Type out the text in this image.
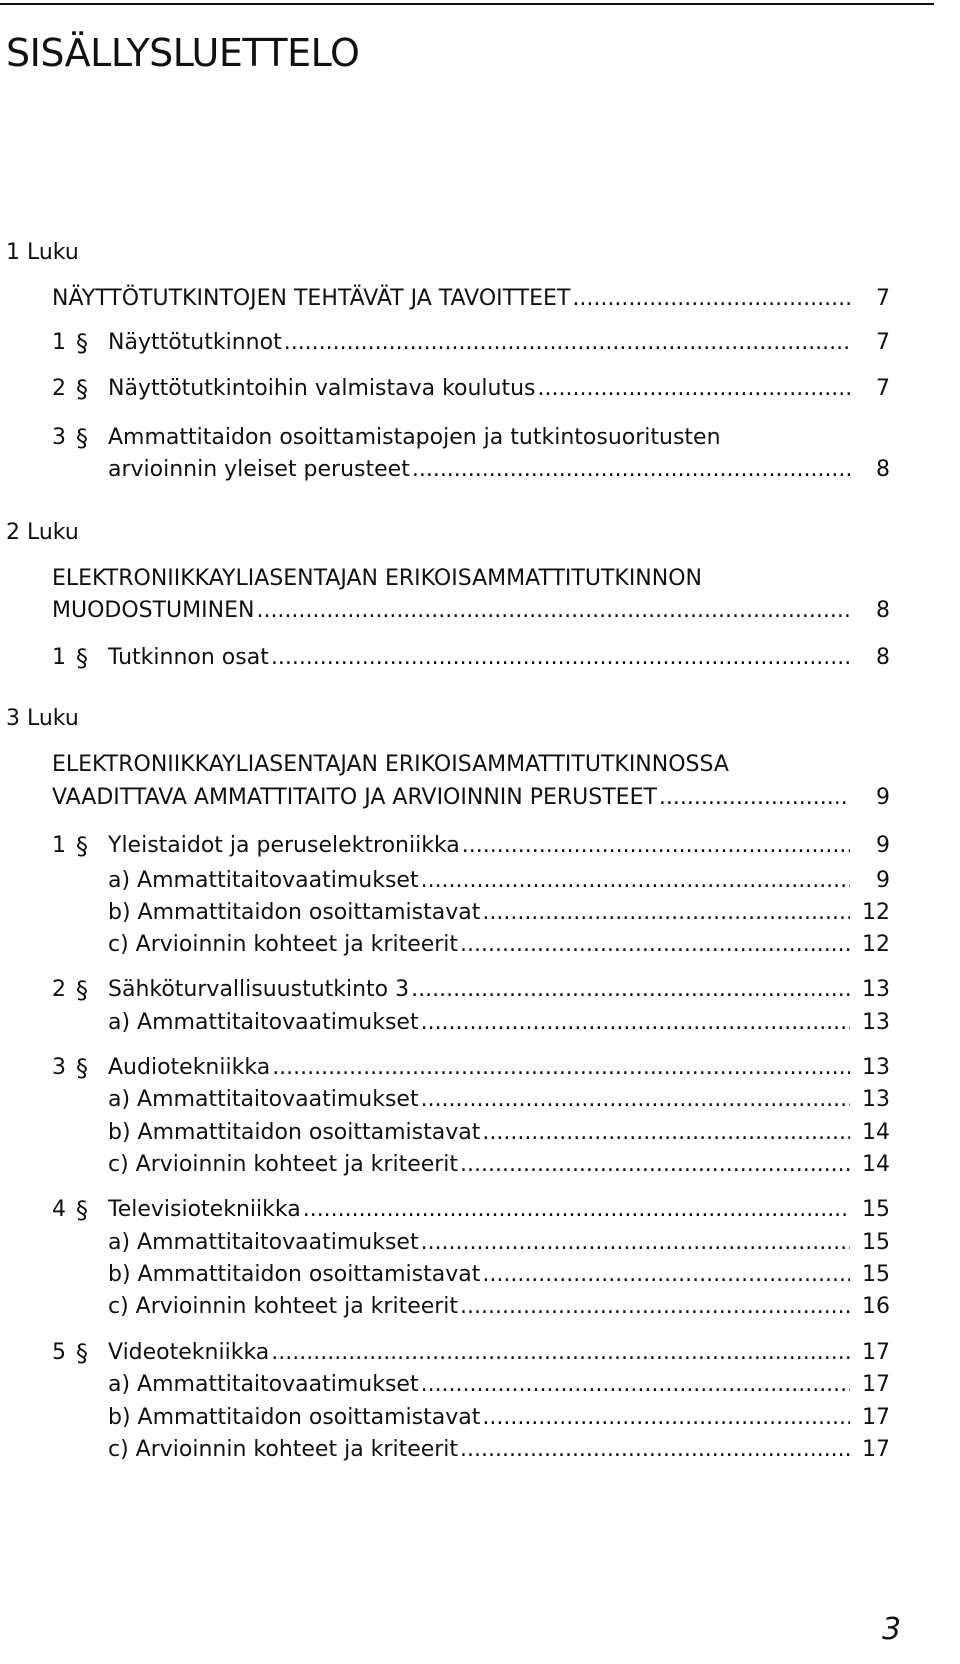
SISÄLLYSLUETTELO
1 Luku
NÄYTTÖTUTKINTOJEN TEHTÄVÄT JA TAVOITTEET .....	7
1 § Näyttötutkinnot .....	7
2 § Näyttötutkintoihin valmistava koulutus .....	7
3 § Ammattitaidon osoittamistapojen ja tutkintosuoritusten
arvioinnin yleiset perusteet .....	8
2 Luku
ELEKTRONIIKKAYLIASENTAJAN ERIKOISAMMATTITUTKINNON
MUODOSTUMINEN .....	8
1 § Tutkinnon osat .....	8
3 Luku
ELEKTRONIIKKAYLIASENTAJAN ERIKOISAMMATTITUTKINNOSSA
VAADITTAVA AMMATTITAITO JA ARVIOINNIN PERUSTEET .....	9
1 § Yleistaidot ja peruselektroniikka .....	9
a) Ammattitaitovaatimukset .....	9
b) Ammattitaidon osoittamistavat .....	12
c) Arvioinnin kohteet ja kriteerit .....	12
2 § Sähköturvallisuustutkinto 3 .....	13
a) Ammattitaitovaatimukset .....	13
3 § Audiotekniikka .....	13
a) Ammattitaitovaatimukset .....	13
b) Ammattitaidon osoittamistavat .....	14
c) Arvioinnin kohteet ja kriteerit .....	14
4 § Televisiotekniikka .....	15
a) Ammattitaitovaatimukset .....	15
b) Ammattitaidon osoittamistavat .....	15
c) Arvioinnin kohteet ja kriteerit .....	16
5 § Videotekniikka .....	17
a) Ammattitaitovaatimukset .....	17
b) Ammattitaidon osoittamistavat .....	17
c) Arvioinnin kohteet ja kriteerit .....	17
3
